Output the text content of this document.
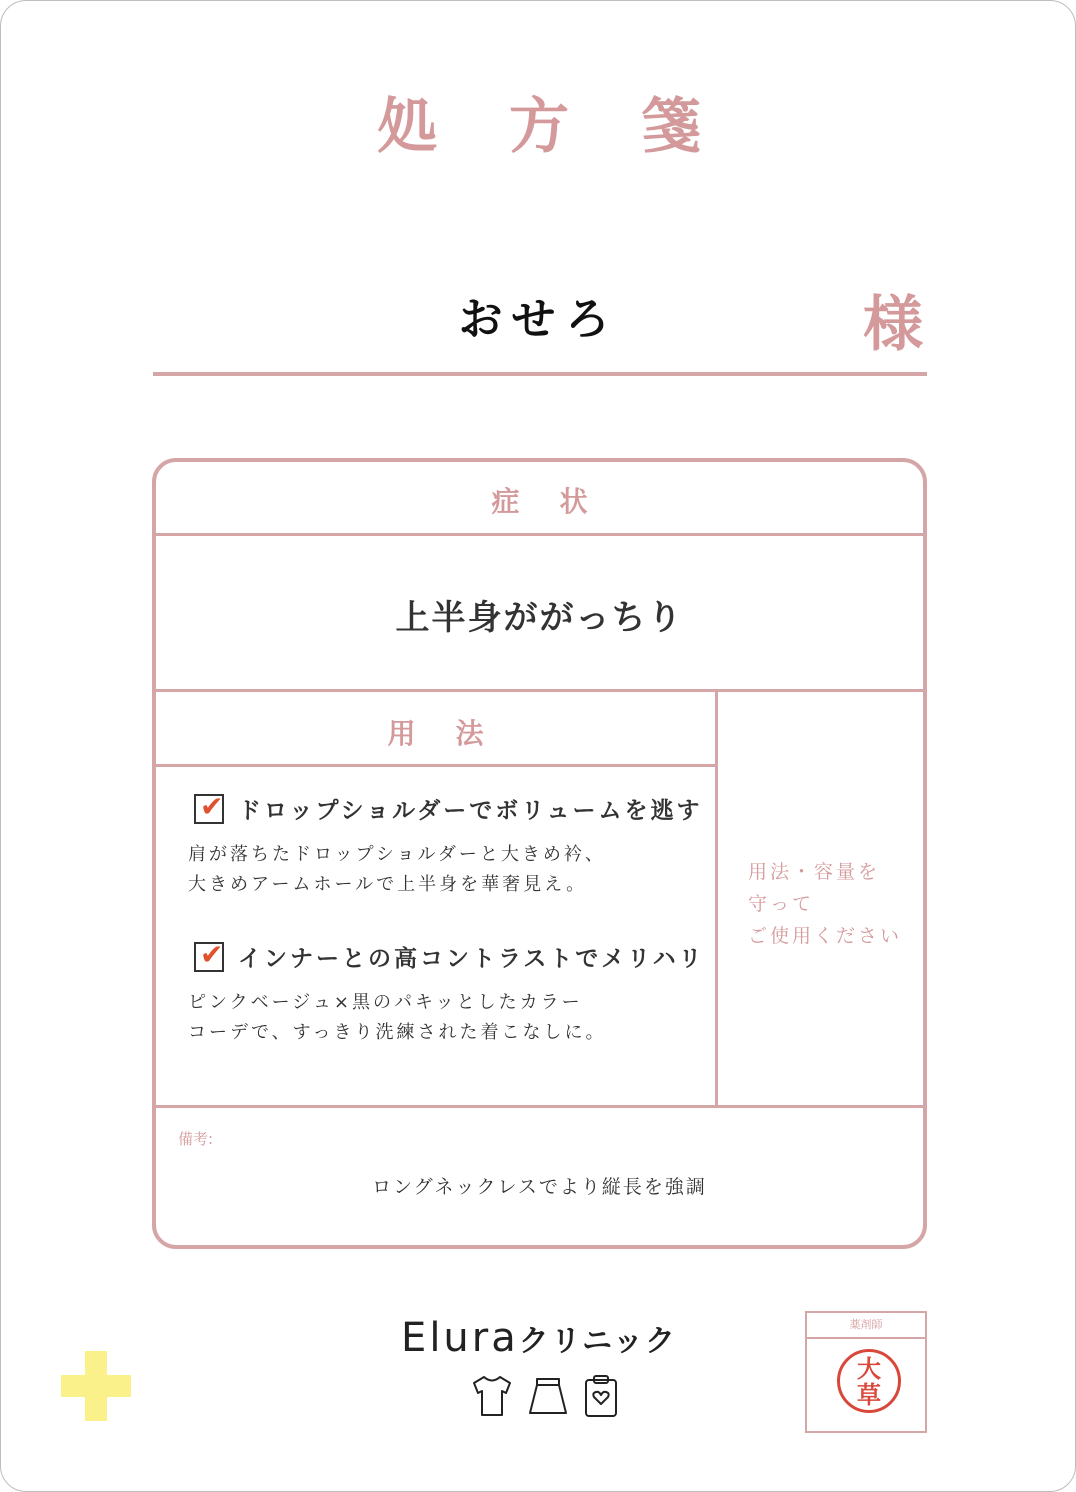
処方箋
おせろ	様
症状
上半身ががっちり
用法
✔ ドロップショルダーでボリュームを逃す
肩が落ちたドロップショルダーと大きめ衿、
大きめアームホールで上半身を華奢見え。
✔ インナーとの高コントラストでメリハリ
ピンクベージュ×黒のパキッとしたカラー
コーデで、すっきり洗練された着こなしに。
用法・容量を
守って
ご使用ください
備考:
ロングネックレスでより縦長を強調
Eluraクリニック	薬剤師
大
草
